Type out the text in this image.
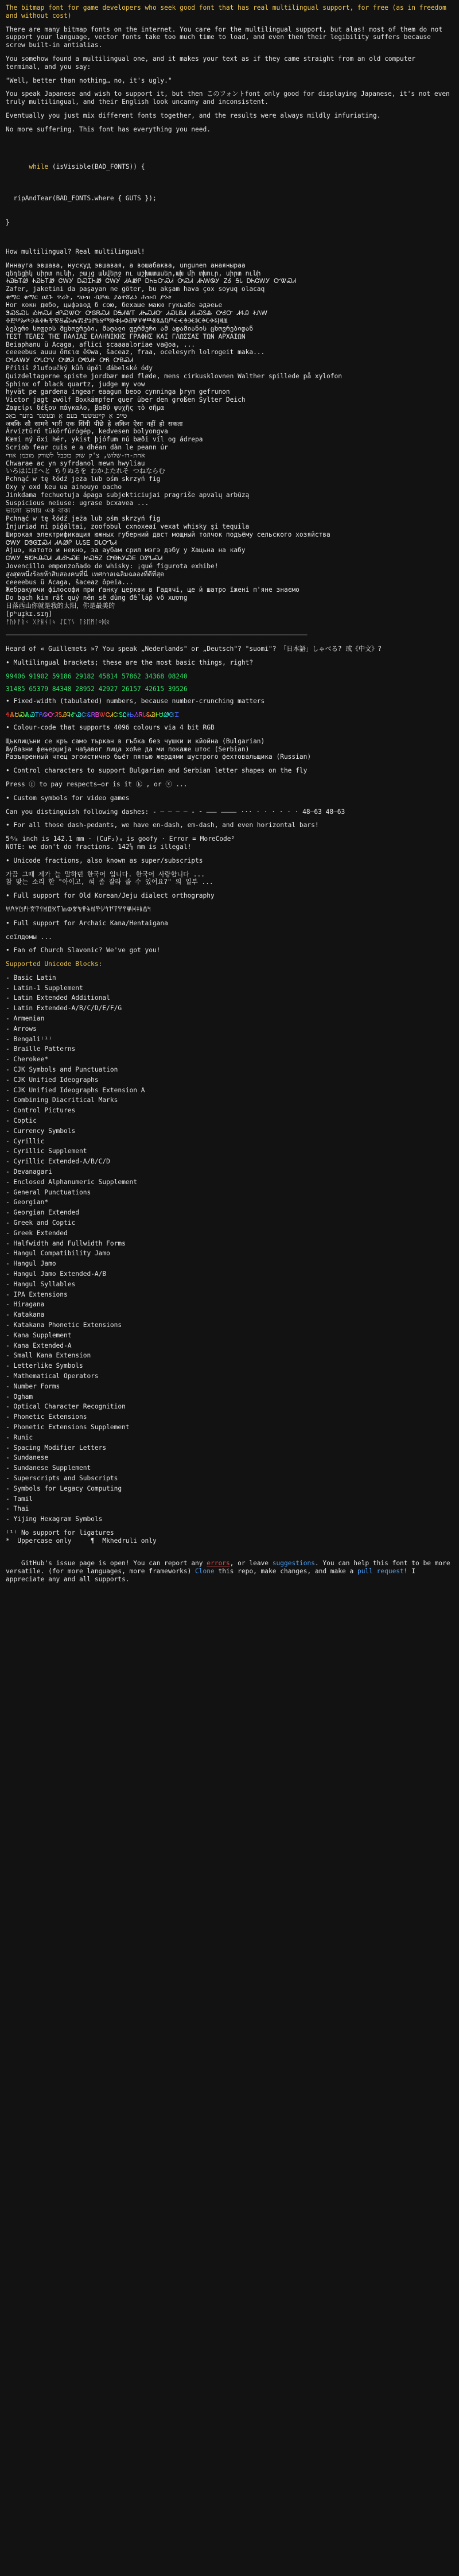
The bitmap font for game developers who seek good font that has real multilingual support, for free (as in freedom and without cost)
There are many bitmap fonts on the internet. You care for the multilingual support, but alas! most of them do not support your language, vector fonts take too much time to load, and even then their legibility suffers because screw built-in antialias.
You somehow found a multilingual one, and it makes your text as if they came straight from an old computer terminal, and you say:
"Well, better than nothing… no, it's ugly."
You speak Japanese and wish to support it, but then このフォントfont only good for displaying Japanese, it's not even truly multilingual, and their English look uncanny and inconsistent.
Eventually you just mix different fonts together, and the results were always mildly infuriating.
No more suffering. This font has everything you need.

while (isVisible(BAD_FONTS)) {

ripAndTear(BAD_FONTS.where { GUTS });

}

How multilingual? Real multilingual!
Иннауга эвшава, нускуд эвшавая, а вoшабаква, ungunen анаяныраа
գեղեցիկ սիրտ ունի, բայց անվերջ ու աշխատասեր,ախ մի տխուր, սիրտ ունի
ᏐᏊᏏᎢᏪ ᏐᏊᏏᎢᏪ ᏣᎳᎩ ᎠᏍᏆᏂᏪ ᏣᎳᎩ ᏗᎪᏪᎵ ᎠᏂᏏᏅᏍᏗ ᎤᏍᏗ ᏗᏂᎳᏫᎩ ᏃᎴ ᎦᏓ ᎠᏂᏣᎳᎩ ᏅᏔᏍᏗ
Zafer, jaketini da paşayan ne göter, bu akşam hava çox soyuq olacaq
ቁማር ቁማር ዐደጉ ጥሪት, ግዑዝ ብቻዉ ያልተሸፈነ ሕዝብ ያጎቱ
Ног кокн дюбо, цыфәвод б сою, бехаше макю гукьабе әдәеье
ᏕᏍᏚᏍᏓ ᎣᏥᏍᏗ ᏧᎵᏍᏔᏅ ᎤᎶᏒᏍᏗ ᎠᎦᏗᏔᎢ ᏗᏂᏍᏗᏅ ᏗᏍᏓᏴᏗ ᏗᏓᏍᏚᎲ ᎤᎴᏅ ᏗᏎᎯ ᏐᏁᎳ
ⰀⰁⰂⰃⰄⰅⰆⰇⰈⰉⰊⰋⰌⰍⰎⰏⰐⰑⰒⰓⰔⰕⰖⰗⰘⰙⰚⰛⰜⰝⰞⰟⰠⰡⰢⰣⰤⰥⰦⰧⰨⰩⰪⰫⰬⰭⰮ
ბებერი სოფლის მცხოვრები, მაღალი ფერმერი ამ ადამიანის ცხოვრებიდან
ΤΕΣΤ ΤΕΛΕΣ ΤΗΣ ΠΑΛΙΑΣ ΕΛΛΗΝΙΚΗΣ ΓΡΑΦΗΣ ΚΑΙ ΓΛΩΣΣΑΣ ΤΩΝ ΑΡΧΑΙΩΝ
Beiaphanu ü Acaga, aflici scaaaaloriae va@oa, ...
ceeeebus auuu ὄπεια ê©wa, ŝaceaz, fraa, ocelesyrh lolrogeit maka...
ᎤᏓᎪᎳᎩ ᎤᏓᏅᏙ ᎤᏪᏘ ᎤᏬᏗᎨ ᎤᏲ ᎤᏴᏍᏗ
Příliš žluťoučký kůň úpěl ďábelské ódy
Quizdeltagerne spiste jordbær med fløde, mens cirkusklovnen Walther spillede på xylofon
Sphinx of black quartz, judge my vow
hyvät pe gardena ingear eaagun beoo cynninga þrym gefrunon
Victor jagt zwölf Boxkämpfer quer über den großen Sylter Deich
Ζαφείρι δέξου πάγκαλο, βαθῦ ψυχῆς τὸ σῆμα
טײַכ אַ קײַנטשער בעם אַ וּבעשנר בווער באַכ
जबकि सौ सामने भारी एक सिंधी पीछे हे लकिन ऐसा नहीं हो सकता
Árvíztűrő tükörfúrógép, kedvesen bolyongva
Kæmi ný öxi hér, ykist þjófum nú bæði víl og ádrepa
Scríob fear cuis e a dhéan dàn le peann úr
אחת-דו-שלוש, צ'ק שוק כוכבל לשורק מוכמן אודי
Chwarae ac yn syfrdanol mewn hwyliau
いろはにほへと ちりぬるを わかよたれそ つねならむ
Pchnąć w tę łódź jeża lub ośm skrzyń fig
Oxy y oxd keu ua ainouyo oacho
Jinkdama fechuotuja ápaga subjekticiujai pragriše apvalų arbūzą
Suspicious neiuse: ugrase bcxavea ...
ভালো ভাষায় এক বাক্য
Pchnąć w tę łódź jeża lub ośm skrzyń fig
Ìnjuriad ní piǧáltai, zoofobul cxnoxeaí vexat whisky şi tequila
Широкая электрификация южных губерний даст мощный толчок подъёму сельского хозяйства
ᏣᎳᎩ ᎠᏕᎶᏆᏍᏗ ᏗᎪᏪᎵ ᏓᏓᏚᎬ ᎠᏓᏅᏖᏗ
Ajuo, катото и некно, за аубам срил мэгэ дэбу у Хацьна на кабу
ᏣᎳᎩ ᎦᏬᏂᎯᏍᏗ ᏗᏓᎴᏂᏍᎬ ᏥᏍᎦᏃ ᎤᎾᏂᎩᏍᎬ ᎠᏛᏓᏍᏗ
Jovencillo emponzoñado de whisky: ¡qué figurota exhibe!
สูงสุดหนึ่งร้อยห้าสิบสองคนที่นี่ เทศกาลเฉลิมฉลองที่ดีที่สุด
ceeeebus ü Acaga, ŝaceaz ôpeia...
Жебракуючи філософи при ґанку церкви в Гадячі, ще й шатро їжені п'яне знаємо
Do bạch kim rất quý nên sẽ dùng để lắp vô xương
日落西山你就是我的太阳，你是最美的
[pʰuɪ̯kɪ.sɪŋ]
ᚠᚢᚦᚨᚱᚲ ᚷᚹᚺᚾᛁᛃ ᛇᛈᛉᛊ ᛏᛒᛖᛗᛚᛜᛞᛟ
──────────────────────────────────────────────────────────────────────────────
Heard of « Guillemets »? You speak „Nederlands" or „Deutsch"? "suomi"? 「日本語」しゃべる? 或《中文》?
• Multilingual brackets; these are the most basic things, right?
99406 91902 59186 29182 45814 57862 34368 08240
31485 65379 84348 28952 42927 26157 42615 39526
• Fixed-width (tabulated) numbers, because number-crunching matters
ᏎᏜᏌᏍᏜᏊᎢᏲᏫᏅᏘᏚᎯᎸᎹᏊᏨᏋᏒᏴᏔᏣᏗᏨᏚᏝᏐᏏᏱᏒᏓᏋᏊᎰᏌᏪᏳᏆ
• Colour-code that supports 4096 colours via 4 bit RGB
Щъклицъни се кръ само търкан в гъбка без чушки и кйойна (Bulgarian)
Љубазни фењерџија чађавог лица хоће да ми покаже штос (Serbian)
Разъяренный чтец эгоистично бьёт пятью жердями шустрого фехтовальщика (Russian)
• Control characters to support Bulgarian and Serbian letter shapes on the fly
Press ⓕ to pay respects—or is it ⓚ , or ⓧ ...
• Custom symbols for video games
Can you distinguish following dashes: - – — ― ‒ ‑ ⁃ ⸺ ⸻ ··· · · · · · · 48–63 48–63
• For all those dash-pedants, we have en-dash, em-dash, and even horizontal bars!
5⁶⁄₈ inch is 142.1 mm · (CuF₂)₄ is goofy · Error = MoreCode²
NOTE: we don't do fractions. 142⅝ mm is illegal!
• Unicode fractions, also known as super/subscripts
가끔 그때 제가 늘 말하던 한국어 입니다. 한국어 사랑합니다 ...
참 맞는 소리 한 "아이고, 혀 좀 잘라 줄 수 있어요?" 의 일부 ...
• Full support for Old Korean/Jeju dialect orthography
𐀀𐀁𐀂𐀃𐀄𐀅𐀆𐀇𐀈𐀉𐀊𐀋𐀍𐀎𐀏𐀐𐀑𐀒𐀓𐀔𐀕𐀖𐀗𐀘𐀙𐀚𐀛𐀜𐀝𐀞𐀟𐀠𐀡
• Full support for Archaic Kana/Hentaigana
сеїлдомы ...
• Fan of Church Slavonic? We've got you!
Supported Unicode Blocks:
- Basic Latin
- Latin-1 Supplement
- Latin Extended Additional
- Latin Extended-A/B/C/D/E/F/G
- Armenian
- Arrows
- Bengali⁽¹⁾
- Braille Patterns
- Cherokee*
- CJK Symbols and Punctuation
- CJK Unified Ideographs
- CJK Unified Ideographs Extension A
- Combining Diacritical Marks
- Control Pictures
- Coptic
- Currency Symbols
- Cyrillic
- Cyrillic Supplement
- Cyrillic Extended-A/B/C/D
- Devanagari
- Enclosed Alphanumeric Supplement
- General Punctuations
- Georgian*
- Georgian Extended
- Greek and Coptic
- Greek Extended
- Halfwidth and Fullwidth Forms
- Hangul Compatibility Jamo
- Hangul Jamo
- Hangul Jamo Extended-A/B
- Hangul Syllables
- IPA Extensions
- Hiragana
- Katakana
- Katakana Phonetic Extensions
- Kana Supplement
- Kana Extended-A
- Small Kana Extension
- Letterlike Symbols
- Mathematical Operators
- Number Forms
- Ogham
- Optical Character Recognition
- Phonetic Extensions
- Phonetic Extensions Supplement
- Runic
- Spacing Modifier Letters
- Sundanese
- Sundanese Supplement
- Superscripts and Subscripts
- Symbols for Legacy Computing
- Tamil
- Thai
- Yijing Hexagram Symbols
⁽¹⁾ No support for ligatures
*  Uppercase only     ¶  Mkhedruli only

GitHub's issue page is open! You can report any errors, or leave suggestions. You can help this font to be more versatile. (for more languages, more frameworks) Clone this repo, make changes, and make a pull request! I appreciate any and all supports.
